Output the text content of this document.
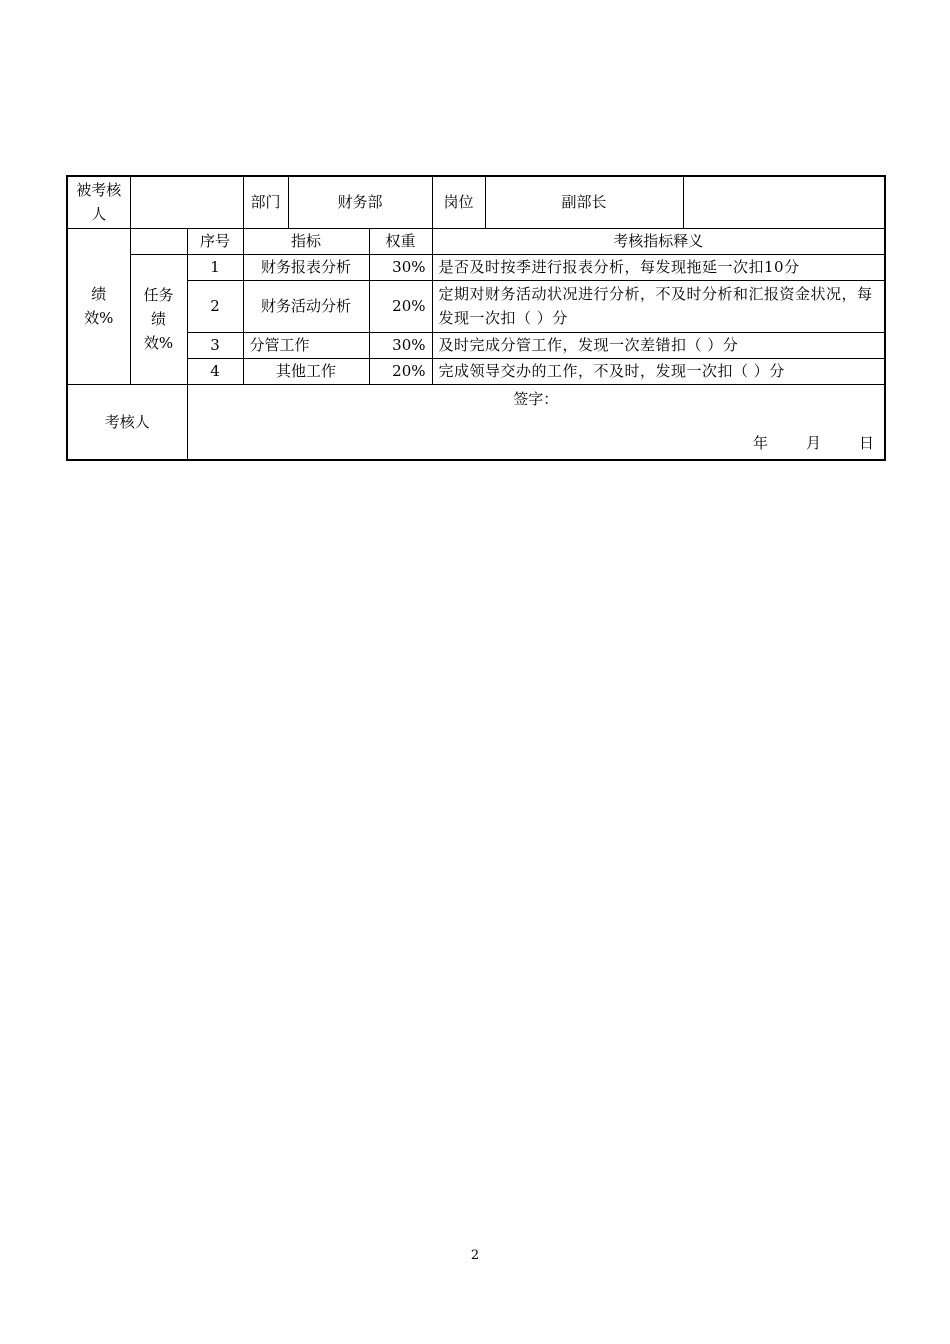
被考核人			部门	财务部		岗位	副部长	
绩效%		序号	指标		权重	考核指标释义		
	任务绩效%	1	财务报表分析		30%	是否及时按季进行报表分析，每发现拖延一次扣10分		
		2	财务活动分析		20%	定期对财务活动状况进行分析，不及时分析和汇报资金状况，每发现一次扣（ ）分		
		3	分管工作		30%	及时完成分管工作，发现一次差错扣（ ）分		
		4	其他工作		20%	完成领导交办的工作，不及时，发现一次扣（ ）分		
考核人		签字：
年 月 日						
2
